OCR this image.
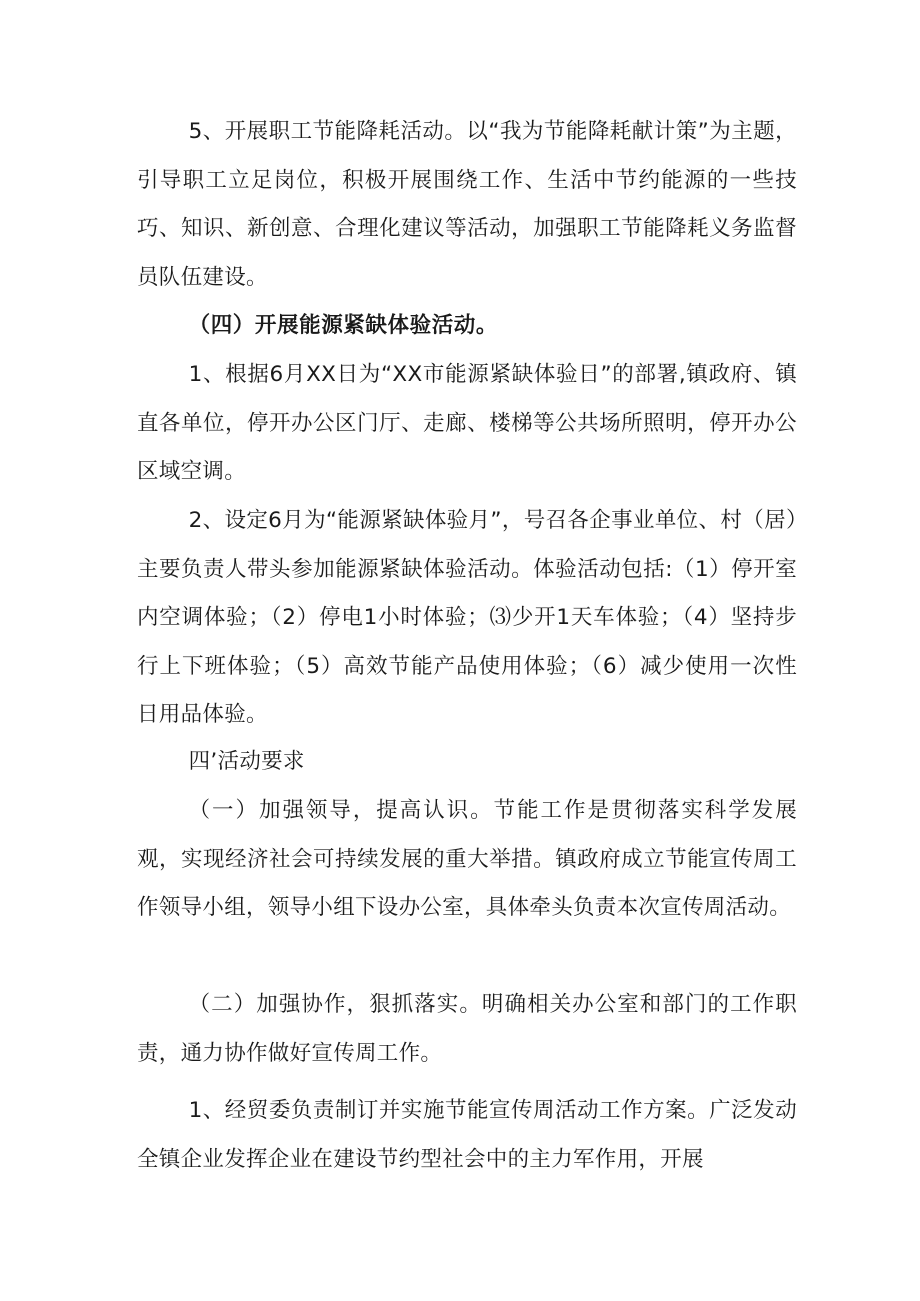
5、开展职工节能降耗活动。以“我为节能降耗献计策”为主题，引导职工立足岗位，积极开展围绕工作、生活中节约能源的一些技巧、知识、新创意、合理化建议等活动，加强职工节能降耗义务监督员队伍建设。

（四）开展能源紧缺体验活动。

1、根据6月XX日为“XX市能源紧缺体验日”的部署,镇政府、镇直各单位，停开办公区门厅、走廊、楼梯等公共场所照明，停开办公区域空调。

2、设定6月为“能源紧缺体验月”，号召各企事业单位、村（居）主要负责人带头参加能源紧缺体验活动。体验活动包括:（1）停开室内空调体验；（2）停电1小时体验；⑶少开1天车体验；（4）坚持步行上下班体验；（5）高效节能产品使用体验；（6）减少使用一次性日用品体验。

四’活动要求

（一）加强领导，提高认识。节能工作是贯彻落实科学发展观，实现经济社会可持续发展的重大举措。镇政府成立节能宣传周工作领导小组，领导小组下设办公室，具体牵头负责本次宣传周活动。

（二）加强协作，狠抓落实。明确相关办公室和部门的工作职责，通力协作做好宣传周工作。

1、经贸委负责制订并实施节能宣传周活动工作方案。广泛发动全镇企业发挥企业在建设节约型社会中的主力军作用，开展
